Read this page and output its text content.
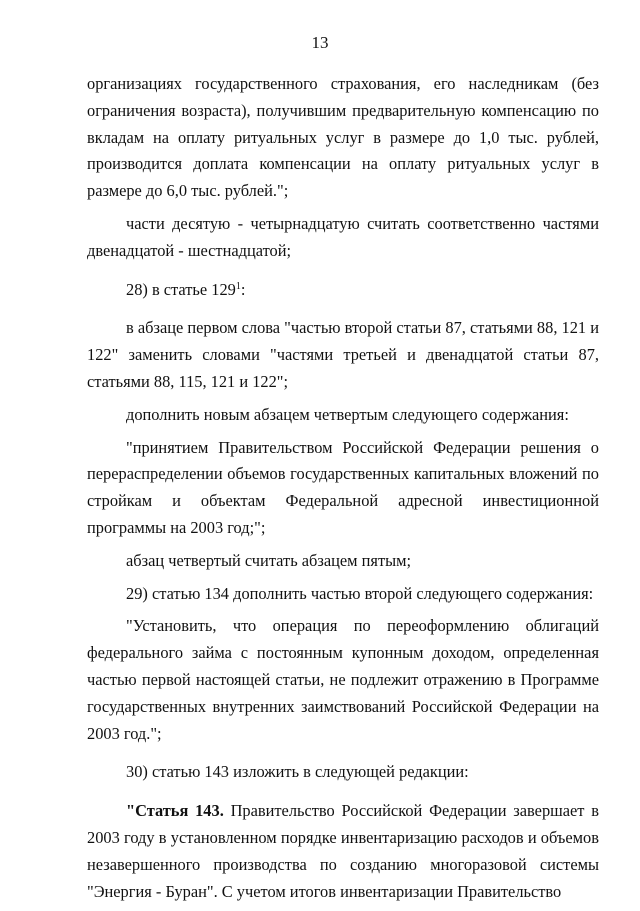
13

организациях государственного страхования, его наследникам (без ограничения возраста), получившим предварительную компенсацию по вкладам на оплату ритуальных услуг в размере до 1,0 тыс. рублей, производится доплата компенсации на оплату ритуальных услуг в размере до 6,0 тыс. рублей.";

части десятую - четырнадцатую считать соответственно частями двенадцатой - шестнадцатой;

28) в статье $129^1$:

в абзаце первом слова "частью второй статьи 87, статьями 88, 121 и 122" заменить словами "частями третьей и двенадцатой статьи 87, статьями 88, 115, 121 и 122";

дополнить новым абзацем четвертым следующего содержания:

"принятием Правительством Российской Федерации решения о перераспределении объемов государственных капитальных вложений по стройкам и объектам Федеральной адресной инвестиционной программы на 2003 год;";

абзац четвертый считать абзацем пятым;

29) статью 134 дополнить частью второй следующего содержания:

"Установить, что операция по переоформлению облигаций федерального займа с постоянным купонным доходом, определенная частью первой настоящей статьи, не подлежит отражению в Программе государственных внутренних заимствований Российской Федерации на 2003 год.";

30) статью 143 изложить в следующей редакции:

"Статья 143. Правительство Российской Федерации завершает в 2003 году в установленном порядке инвентаризацию расходов и объемов незавершенного производства по созданию многоразовой системы "Энергия - Буран". С учетом итогов инвентаризации Правительство
